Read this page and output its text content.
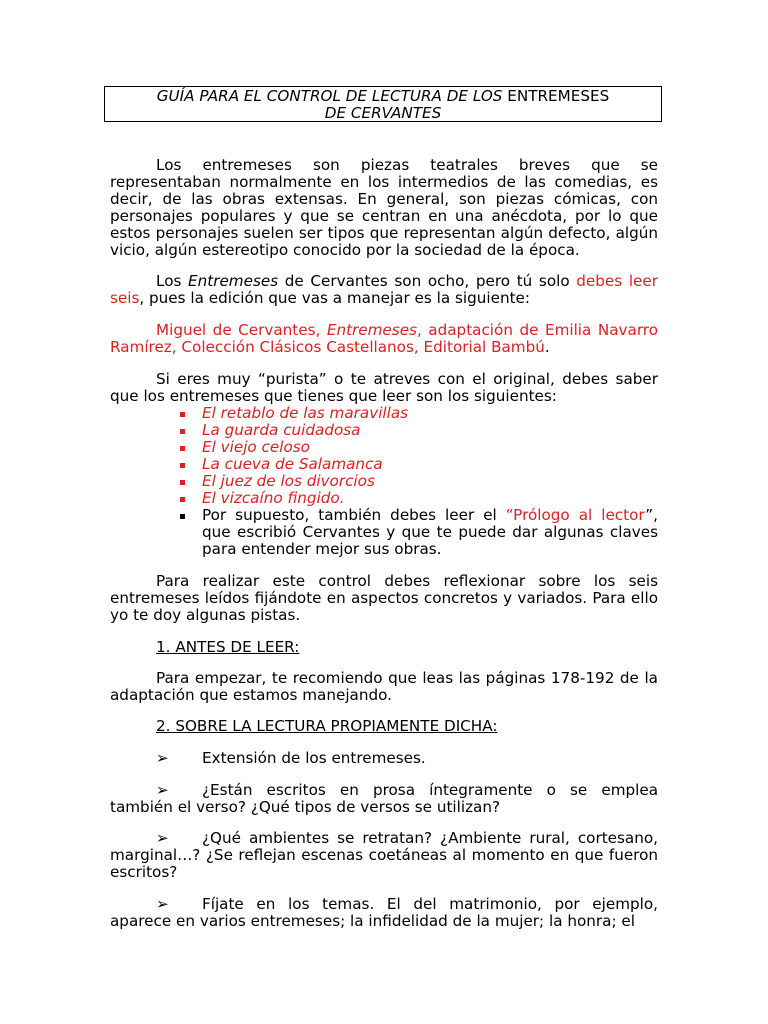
GUÍA PARA EL CONTROL DE LECTURA DE LOS ENTREMESES
DE CERVANTES
Los entremeses son piezas teatrales breves que se representaban normalmente en los intermedios de las comedias, es decir, de las obras extensas. En general, son piezas cómicas, con personajes populares y que se centran en una anécdota, por lo que estos personajes suelen ser tipos que representan algún defecto, algún vicio, algún estereotipo conocido por la sociedad de la época.
Los Entremeses de Cervantes son ocho, pero tú solo debes leer seis, pues la edición que vas a manejar es la siguiente:
Miguel de Cervantes, Entremeses, adaptación de Emilia Navarro Ramírez, Colección Clásicos Castellanos, Editorial Bambú.
Si eres muy “purista” o te atreves con el original, debes saber que los entremeses que tienes que leer son los siguientes:
El retablo de las maravillas
La guarda cuidadosa
El viejo celoso
La cueva de Salamanca
El juez de los divorcios
El vizcaíno fingido.
Por supuesto, también debes leer el “Prólogo al lector”, que escribió Cervantes y que te puede dar algunas claves para entender mejor sus obras.
Para realizar este control debes reflexionar sobre los seis entremeses leídos fijándote en aspectos concretos y variados. Para ello yo te doy algunas pistas.
1. ANTES DE LEER:
Para empezar, te recomiendo que leas las páginas 178-192 de la adaptación que estamos manejando.
2. SOBRE LA LECTURA PROPIAMENTE DICHA:
➢ Extensión de los entremeses.
➢ ¿Están escritos en prosa íntegramente o se emplea también el verso? ¿Qué tipos de versos se utilizan?
➢ ¿Qué ambientes se retratan? ¿Ambiente rural, cortesano, marginal…? ¿Se reflejan escenas coetáneas al momento en que fueron escritos?
➢ Fíjate en los temas. El del matrimonio, por ejemplo, aparece en varios entremeses; la infidelidad de la mujer; la honra; el
